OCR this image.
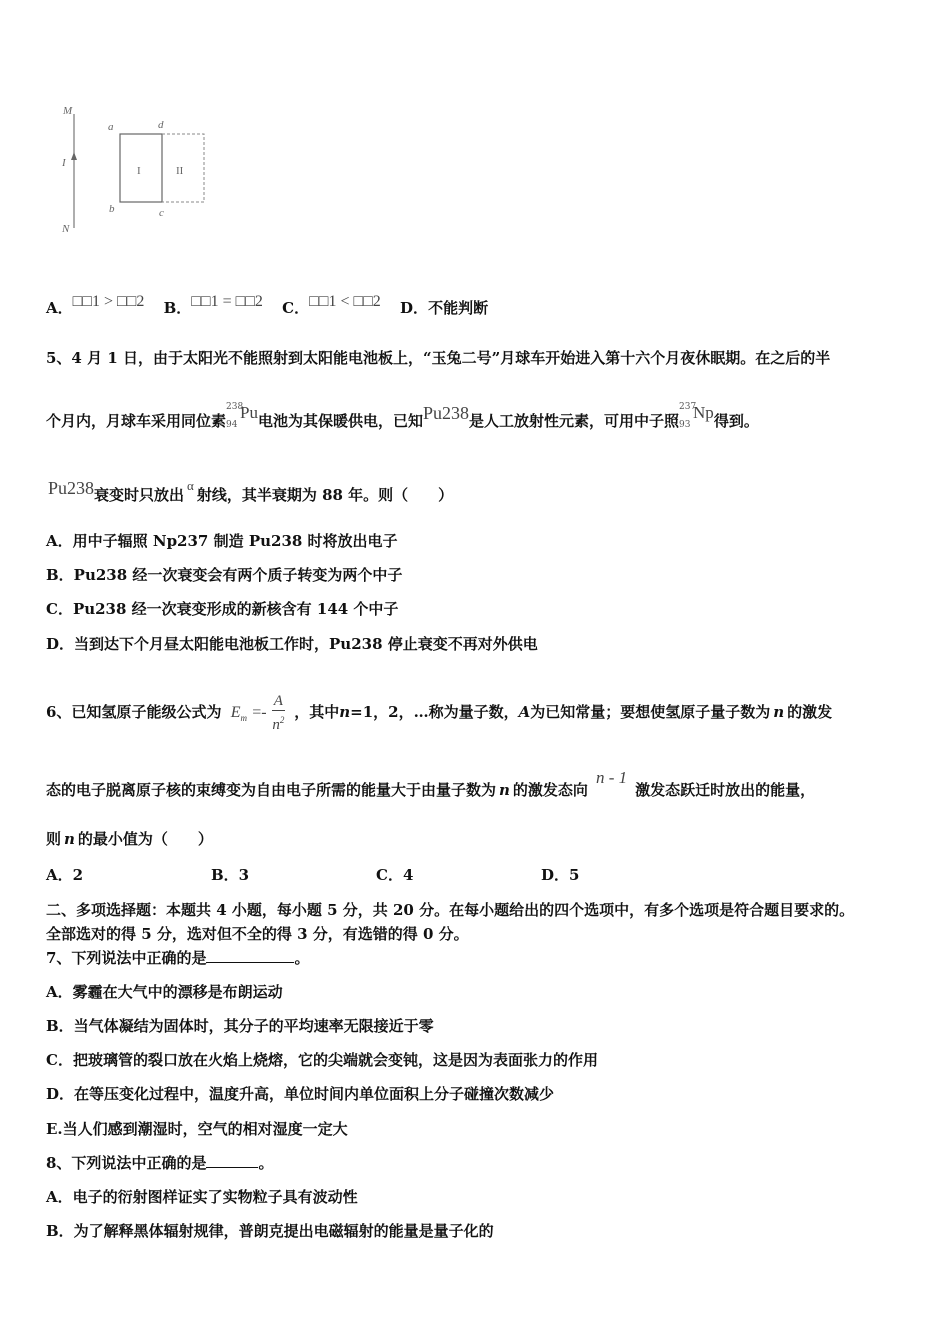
M
N
I
a	d
b	c
I	II
A．□□1 > □□2 B．□□1 = □□2 C．□□1 < □□2 D．不能判断
5、4 月 1 日，由于太阳光不能照射到太阳能电池板上，“玉兔二号”月球车开始进入第十六个月夜休眠期。在之后的半
个月内，月球车采用同位素
238
94
Pu电池为其保暖供电，已知Pu238是人工放射性元素，可用中子照
237
93
Np得到。
Pu238衰变时只放出α射线，其半衰期为 88 年。则（　　）
A．用中子辐照 Np237 制造 Pu238 时将放出电子
B．Pu238 经一次衰变会有两个质子转变为两个中子
C．Pu238 经一次衰变形成的新核含有 144 个中子
D．当到达下个月昼太阳能电池板工作时，Pu238 停止衰变不再对外供电
6、已知氢原子能级公式为 $E_m =- \frac{A}{n^2}$ ，其中n=1，2，…称为量子数，A为已知常量；要想使氢原子量子数为 n 的激发
态的电子脱离原子核的束缚变为自由电子所需的能量大于由量子数为 n 的激发态向n - 1激发态跃迁时放出的能量，
则 n 的最小值为（　　）
A．2	B．3	C．4	D．5
二、多项选择题：本题共 4 小题，每小题 5 分，共 20 分。在每小题给出的四个选项中，有多个选项是符合题目要求的。
全部选对的得 5 分，选对但不全的得 3 分，有选错的得 0 分。
7、下列说法中正确的是	。
A．雾霾在大气中的漂移是布朗运动
B．当气体凝结为固体时，其分子的平均速率无限接近于零
C．把玻璃管的裂口放在火焰上烧熔，它的尖端就会变钝，这是因为表面张力的作用
D．在等压变化过程中，温度升高，单位时间内单位面积上分子碰撞次数减少
E.当人们感到潮湿时，空气的相对湿度一定大
8、下列说法中正确的是	。
A．电子的衍射图样证实了实物粒子具有波动性
B．为了解释黑体辐射规律，普朗克提出电磁辐射的能量是量子化的
